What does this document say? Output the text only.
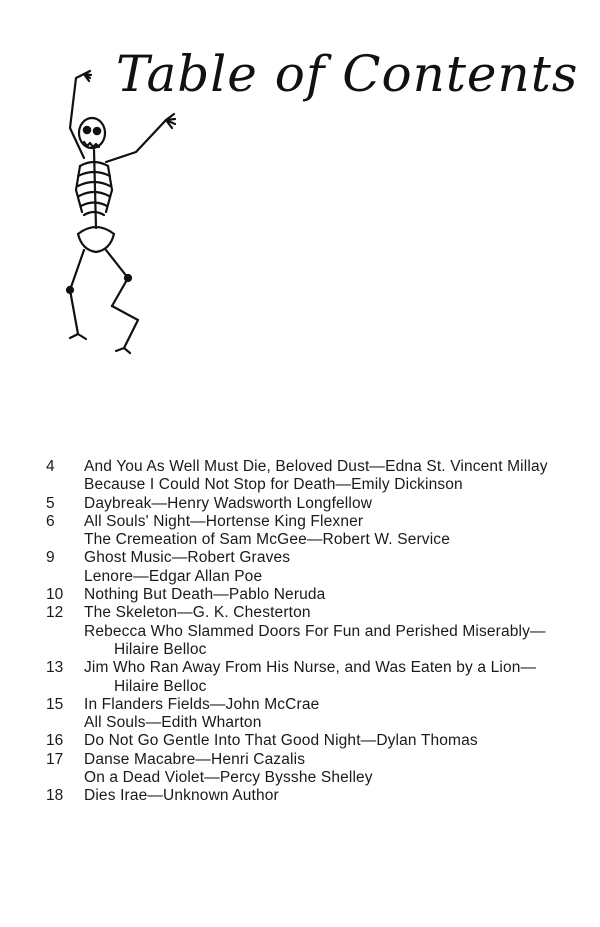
Table of Contents
4	And You As Well Must Die, Beloved Dust—Edna St. Vincent Millay
Because I Could Not Stop for Death—Emily Dickinson
5	Daybreak—Henry Wadsworth Longfellow
6	All Souls' Night—Hortense King Flexner
The Cremeation of Sam McGee—Robert W. Service
9	Ghost Music—Robert Graves
Lenore—Edgar Allan Poe
10	Nothing But Death—Pablo Neruda
12	The Skeleton—G. K. Chesterton
Rebecca Who Slammed Doors For Fun and Perished Miserably—Hilaire Belloc
13	Jim Who Ran Away From His Nurse, and Was Eaten by a Lion—Hilaire Belloc
15	In Flanders Fields—John McCrae
All Souls—Edith Wharton
16	Do Not Go Gentle Into That Good Night—Dylan Thomas
17	Danse Macabre—Henri Cazalis
On a Dead Violet—Percy Bysshe Shelley
18	Dies Irae—Unknown Author
